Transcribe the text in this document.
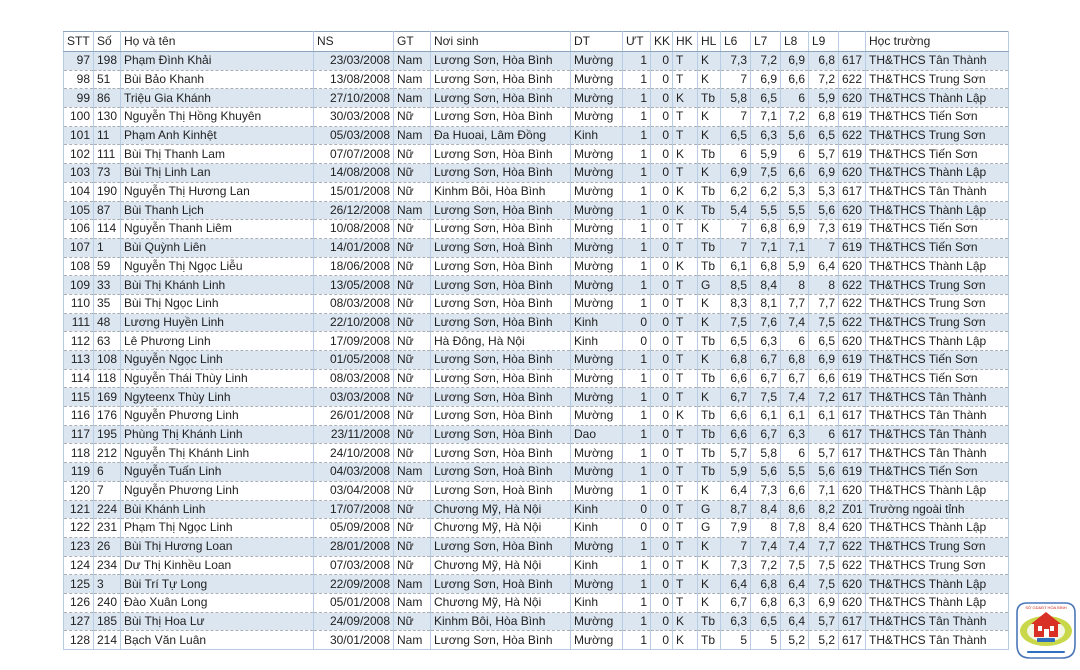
STT	Số	Họ và tên	NS	GT	Nơi sinh	DT	ƯT	KK	HK	HL	L6	L7	L8	L9		Học trường
97	198	Phạm Đình Khải	23/03/2008	Nam	Lương Sơn, Hòa Bình	Mường	1	0	T	K	7,3	7,2	6,9	6,8	617	TH&THCS Tân Thành
98	51	Bùi Bảo Khanh	13/08/2008	Nam	Lương Sơn, Hòa Bình	Mường	1	0	T	K	7	6,9	6,6	7,2	622	TH&THCS Trung Sơn
99	86	Triệu Gia Khánh	27/10/2008	Nam	Lương Sơn, Hòa Bình	Mường	1	0	K	Tb	5,8	6,5	6	5,9	620	TH&THCS Thành Lập
100	130	Nguyễn Thị Hồng Khuyên	30/03/2008	Nữ	Lương Sơn, Hòa Bình	Mường	1	0	T	K	7	7,1	7,2	6,8	619	TH&THCS Tiến Sơn
101	11	Phạm Anh Kinhệt	05/03/2008	Nam	Đa Huoai, Lâm Đồng	Kinh	1	0	T	K	6,5	6,3	5,6	6,5	622	TH&THCS Trung Sơn
102	111	Bùi Thị Thanh Lam	07/07/2008	Nữ	Lương Sơn, Hòa Bình	Mường	1	0	K	Tb	6	5,9	6	5,7	619	TH&THCS Tiến Sơn
103	73	Bùi Thị Linh Lan	14/08/2008	Nữ	Lương Sơn, Hòa Bình	Mường	1	0	T	K	6,9	7,5	6,6	6,9	620	TH&THCS Thành Lập
104	190	Nguyễn Thị Hương Lan	15/01/2008	Nữ	Kinhm Bôi, Hòa Bình	Mường	1	0	K	Tb	6,2	6,2	5,3	5,3	617	TH&THCS Tân Thành
105	87	Bùi Thanh Lịch	26/12/2008	Nam	Lương Sơn, Hòa Bình	Mường	1	0	K	Tb	5,4	5,5	5,5	5,6	620	TH&THCS Thành Lập
106	114	Nguyễn Thanh Liêm	10/08/2008	Nữ	Lương Sơn, Hòa Bình	Mường	1	0	T	K	7	6,8	6,9	7,3	619	TH&THCS Tiến Sơn
107	1	Bùi Quỳnh Liên	14/01/2008	Nữ	Lương Sơn, Hoà Bình	Mường	1	0	T	Tb	7	7,1	7,1	7	619	TH&THCS Tiến Sơn
108	59	Nguyễn Thị Ngọc Liễu	18/06/2008	Nữ	Lương Sơn, Hòa Bình	Mường	1	0	K	Tb	6,1	6,8	5,9	6,4	620	TH&THCS Thành Lập
109	33	Bùi Thị Khánh Linh	13/05/2008	Nữ	Lương Sơn, Hòa Bình	Mường	1	0	T	G	8,5	8,4	8	8	622	TH&THCS Trung Sơn
110	35	Bùi Thị Ngọc Linh	08/03/2008	Nữ	Lương Sơn, Hòa Bình	Mường	1	0	T	K	8,3	8,1	7,7	7,7	622	TH&THCS Trung Sơn
111	48	Lương Huyền Linh	22/10/2008	Nữ	Lương Sơn, Hòa Bình	Kinh	0	0	T	K	7,5	7,6	7,4	7,5	622	TH&THCS Trung Sơn
112	63	Lê Phương Linh	17/09/2008	Nữ	Hà Đông, Hà Nội	Kinh	0	0	T	Tb	6,5	6,3	6	6,5	620	TH&THCS Thành Lập
113	108	Nguyễn Ngọc Linh	01/05/2008	Nữ	Lương Sơn, Hòa Bình	Mường	1	0	T	K	6,8	6,7	6,8	6,9	619	TH&THCS Tiến Sơn
114	118	Nguyễn Thái Thùy Linh	08/03/2008	Nữ	Lương Sơn, Hòa Bình	Mường	1	0	T	Tb	6,6	6,7	6,7	6,6	619	TH&THCS Tiến Sơn
115	169	Ngyteenx Thùy Linh	03/03/2008	Nữ	Lương Sơn, Hòa Bình	Mường	1	0	T	K	6,7	7,5	7,4	7,2	617	TH&THCS Tân Thành
116	176	Nguyễn Phương Linh	26/01/2008	Nữ	Lương Sơn, Hòa Bình	Mường	1	0	K	Tb	6,6	6,1	6,1	6,1	617	TH&THCS Tân Thành
117	195	Phùng Thị Khánh Linh	23/11/2008	Nữ	Lương Sơn, Hòa Bình	Dao	1	0	T	Tb	6,6	6,7	6,3	6	617	TH&THCS Tân Thành
118	212	Nguyễn Thị Khánh Linh	24/10/2008	Nữ	Lương Sơn, Hòa Bình	Mường	1	0	T	Tb	5,7	5,8	6	5,7	617	TH&THCS Tân Thành
119	6	Nguyễn Tuấn Linh	04/03/2008	Nam	Lương Sơn, Hoà Bình	Mường	1	0	T	Tb	5,9	5,6	5,5	5,6	619	TH&THCS Tiến Sơn
120	7	Nguyễn Phương Linh	03/04/2008	Nữ	Lương Sơn, Hoà Bình	Mường	1	0	T	K	6,4	7,3	6,6	7,1	620	TH&THCS Thành Lập
121	224	Bùi Khánh Linh	17/07/2008	Nữ	Chương Mỹ, Hà Nội	Kinh	0	0	T	G	8,7	8,4	8,6	8,2	Z01	Trường ngoài tỉnh
122	231	Phạm Thị Ngọc Linh	05/09/2008	Nữ	Chương Mỹ, Hà Nội	Kinh	0	0	T	G	7,9	8	7,8	8,4	620	TH&THCS Thành Lập
123	26	Bùi Thị Hương Loan	28/01/2008	Nữ	Lương Sơn, Hòa Bình	Mường	1	0	T	K	7	7,4	7,4	7,7	622	TH&THCS Trung Sơn
124	234	Dư Thị Kinhều Loan	07/03/2008	Nữ	Chương Mỹ, Hà Nội	Kinh	1	0	T	K	7,3	7,2	7,5	7,5	622	TH&THCS Trung Sơn
125	3	Bùi Trí Tự Long	22/09/2008	Nam	Lương Sơn, Hoà Bình	Mường	1	0	T	K	6,4	6,8	6,4	7,5	620	TH&THCS Thành Lập
126	240	Đào Xuân Long	05/01/2008	Nam	Chương Mỹ, Hà Nội	Kinh	1	0	T	K	6,7	6,8	6,3	6,9	620	TH&THCS Thành Lập
127	185	Bùi Thị Hoa Lư	24/09/2008	Nữ	Kinhm Bôi, Hòa Bình	Mường	1	0	K	Tb	6,3	6,5	6,4	5,7	617	TH&THCS Tân Thành
128	214	Bạch Văn Luân	30/01/2008	Nam	Lương Sơn, Hòa Bình	Mường	1	0	K	Tb	5	5	5,2	5,2	617	TH&THCS Tân Thành
SỞ GD&ĐT HÒA BÌNH
